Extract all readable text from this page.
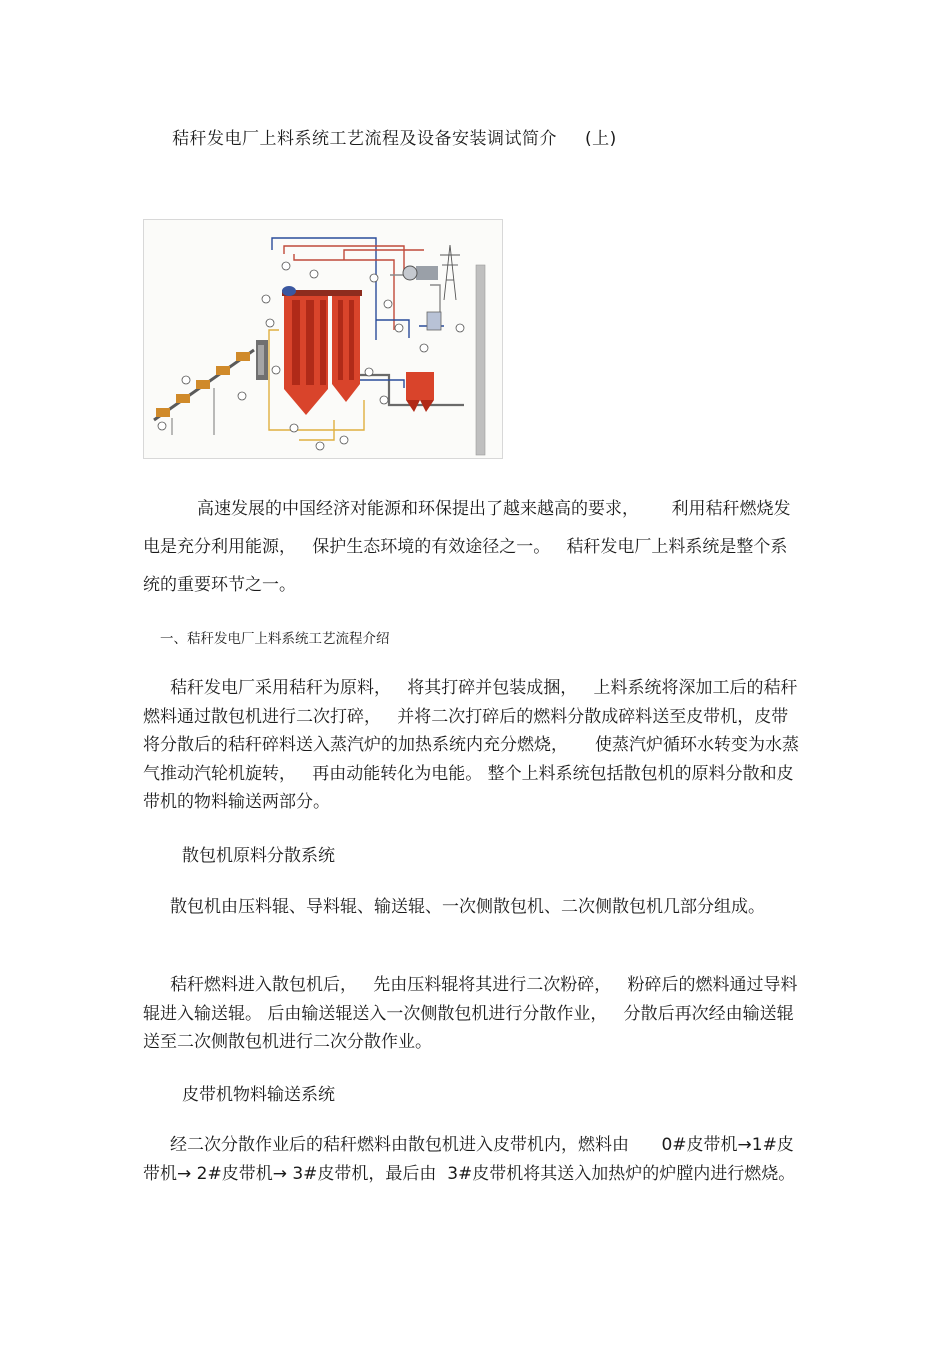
秸秆发电厂上料系统工艺流程及设备安装调试简介 (上)

高速发展的中国经济对能源和环保提出了越来越高的要求，      利用秸秆燃烧发电是充分利用能源，   保护生态环境的有效途径之一。   秸秆发电厂上料系统是整个系统的重要环节之一。

一、秸秆发电厂上料系统工艺流程介绍

秸秆发电厂采用秸秆为原料，   将其打碎并包装成捆，   上料系统将深加工后的秸秆燃料通过散包机进行二次打碎，   并将二次打碎后的燃料分散成碎料送至皮带机，皮带将分散后的秸秆碎料送入蒸汽炉的加热系统内充分燃烧，     使蒸汽炉循环水转变为水蒸气推动汽轮机旋转，   再由动能转化为电能。 整个上料系统包括散包机的原料分散和皮带机的物料输送两部分。

散包机原料分散系统

散包机由压料辊、导料辊、输送辊、一次侧散包机、二次侧散包机几部分组成。

秸秆燃料进入散包机后，   先由压料辊将其进行二次粉碎，   粉碎后的燃料通过导料辊进入输送辊。 后由输送辊送入一次侧散包机进行分散作业，   分散后再次经由输送辊送至二次侧散包机进行二次分散作业。

皮带机物料输送系统

经二次分散作业后的秸秆燃料由散包机进入皮带机内，燃料由      0#皮带机→1#皮带机→ 2#皮带机→ 3#皮带机，最后由  3#皮带机将其送入加热炉的炉膛内进行燃烧。
